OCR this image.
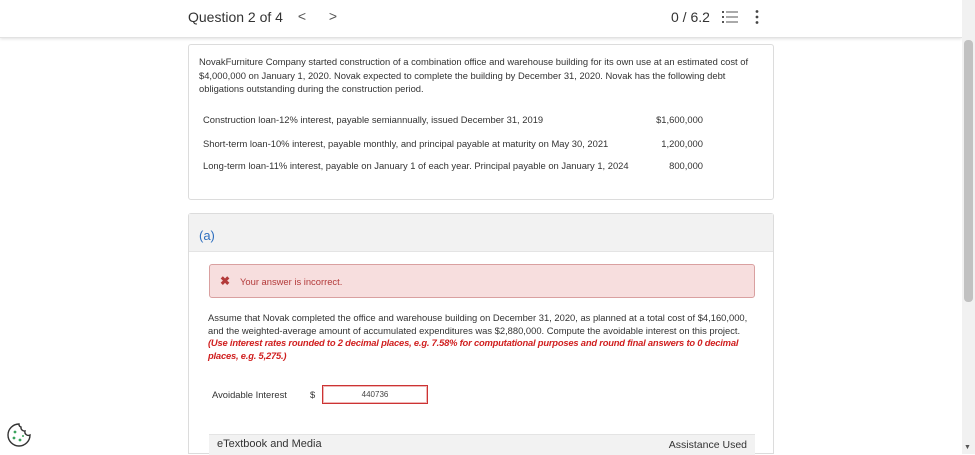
Question 2 of 4 < >	0 / 6.2
▼

NovakFurniture Company started construction of a combination office and warehouse building for its own use at an estimated cost of $4,000,000 on January 1, 2020. Novak expected to complete the building by December 31, 2020. Novak has the following debt obligations outstanding during the construction period.

Construction loan-12% interest, payable semiannually, issued December 31, 2019	$1,600,000
Short-term loan-10% interest, payable monthly, and principal payable at maturity on May 30, 2021	1,200,000
Long-term loan-11% interest, payable on January 1 of each year. Principal payable on January 1, 2024	800,000
(a)
✖ Your answer is incorrect.
Assume that Novak completed the office and warehouse building on December 31, 2020, as planned at a total cost of $4,160,000, and the weighted-average amount of accumulated expenditures was $2,880,000. Compute the avoidable interest on this project.
(Use interest rates rounded to 2 decimal places, e.g. 7.58% for computational purposes and round final answers to 0 decimal places, e.g. 5,275.)
Avoidable Interest $
440736
eTextbook and Media	Assistance Used
